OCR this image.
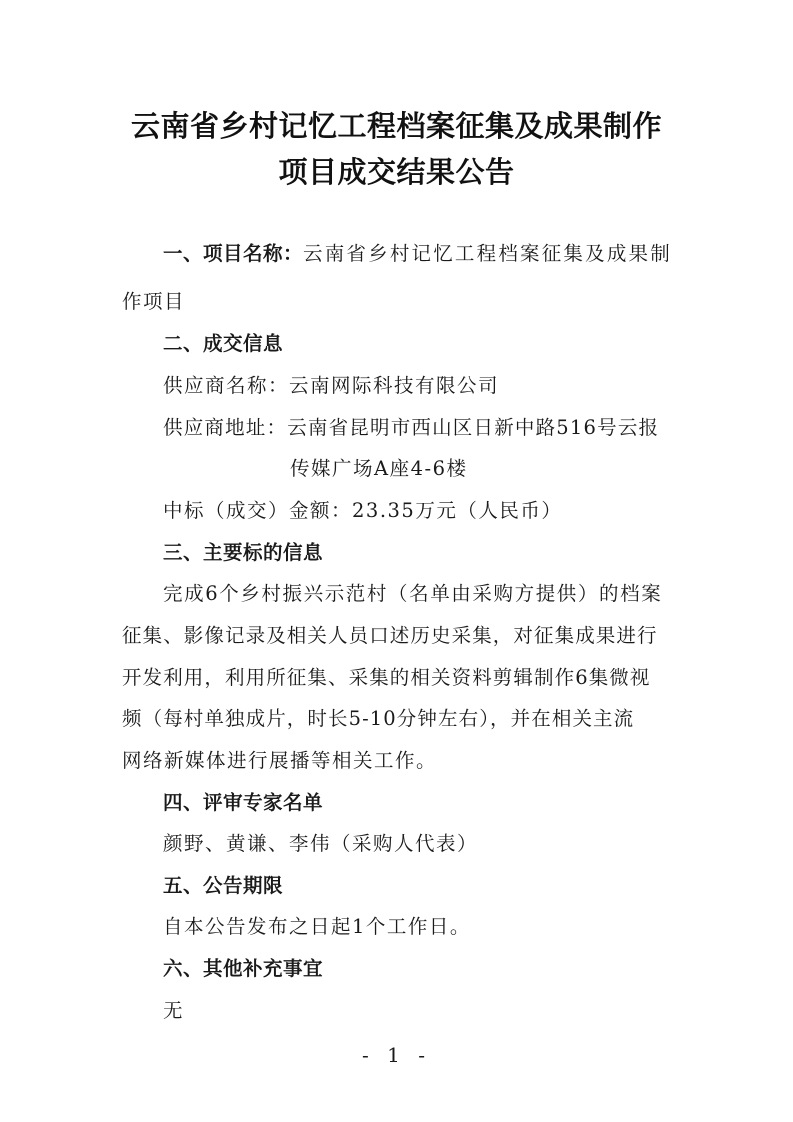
云南省乡村记忆工程档案征集及成果制作
项目成交结果公告
一、项目名称：云南省乡村记忆工程档案征集及成果制
作项目
二、成交信息
供应商名称：云南网际科技有限公司
供应商地址：云南省昆明市西山区日新中路516号云报
传媒广场A座4-6楼
中标（成交）金额：23.35万元（人民币）
三、主要标的信息
完成6个乡村振兴示范村（名单由采购方提供）的档案
征集、影像记录及相关人员口述历史采集，对征集成果进行
开发利用，利用所征集、采集的相关资料剪辑制作6集微视
频（每村单独成片，时长5-10分钟左右），并在相关主流
网络新媒体进行展播等相关工作。
四、评审专家名单
颜野、黄谦、李伟（采购人代表）
五、公告期限
自本公告发布之日起1个工作日。
六、其他补充事宜
无
- 1 -
